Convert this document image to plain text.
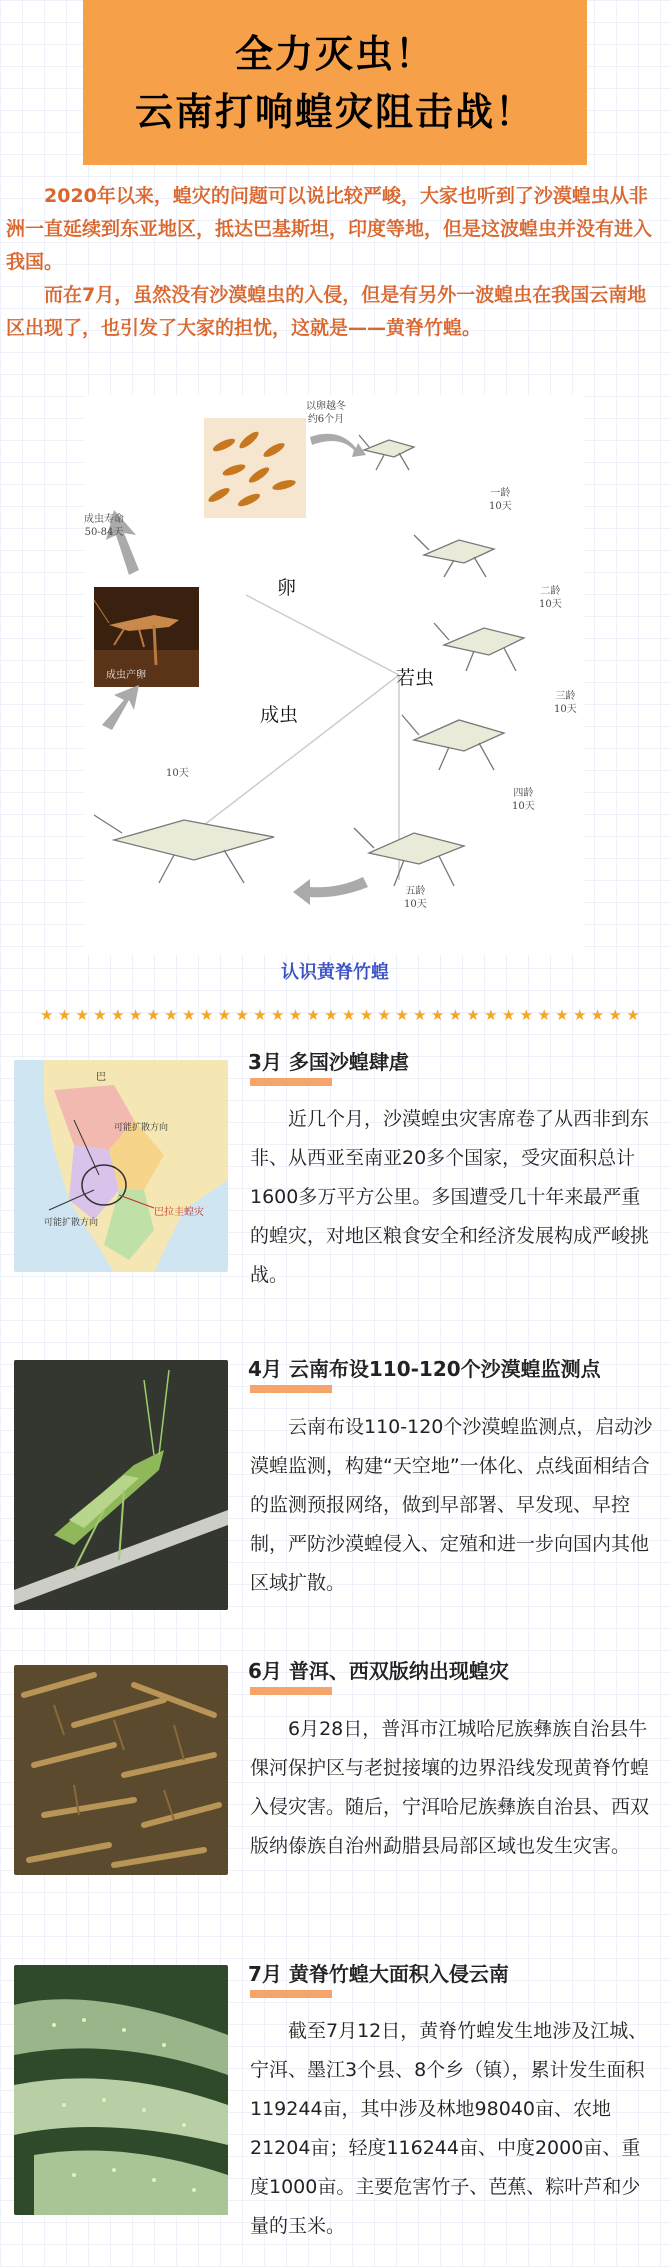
全力灭虫！
云南打响蝗灾阻击战！

2020年以来，蝗灾的问题可以说比较严峻，大家也听到了沙漠蝗虫从非洲一直延续到东亚地区，抵达巴基斯坦，印度等地，但是这波蝗虫并没有进入我国。

而在7月，虽然没有沙漠蝗虫的入侵，但是有另外一波蝗虫在我国云南地区出现了，也引发了大家的担忧，这就是——黄脊竹蝗。

以卵越冬
约6个月
成虫寿命
50-84天
成虫产卵
卵
若虫
成虫
一龄
10天
二龄
10天
三龄
10天
四龄
10天
五龄
10天
10天
认识黄脊竹蝗
★ ★ ★ ★ ★ ★ ★ ★ ★ ★ ★ ★ ★ ★ ★ ★ ★ ★ ★ ★ ★ ★ ★ ★ ★ ★ ★ ★ ★ ★ ★ ★ ★ ★
可能扩散方向
可能扩散方向
巴拉圭蝗灾
巴
3月 多国沙蝗肆虐
近几个月，沙漠蝗虫灾害席卷了从西非到东非、从西亚至南亚20多个国家，受灾面积总计1600多万平方公里。多国遭受几十年来最严重的蝗灾，对地区粮食安全和经济发展构成严峻挑战。
4月 云南布设110-120个沙漠蝗监测点
云南布设110-120个沙漠蝗监测点，启动沙漠蝗监测，构建“天空地”一体化、点线面相结合的监测预报网络，做到早部署、早发现、早控制，严防沙漠蝗侵入、定殖和进一步向国内其他区域扩散。
6月 普洱、西双版纳出现蝗灾
6月28日，普洱市江城哈尼族彝族自治县牛倮河保护区与老挝接壤的边界沿线发现黄脊竹蝗入侵灾害。随后，宁洱哈尼族彝族自治县、西双版纳傣族自治州勐腊县局部区域也发生灾害。
7月 黄脊竹蝗大面积入侵云南
截至7月12日，黄脊竹蝗发生地涉及江城、宁洱、墨江3个县、8个乡（镇），累计发生面积119244亩，其中涉及林地98040亩、农地21204亩；轻度116244亩、中度2000亩、重度1000亩。主要危害竹子、芭蕉、粽叶芦和少量的玉米。
